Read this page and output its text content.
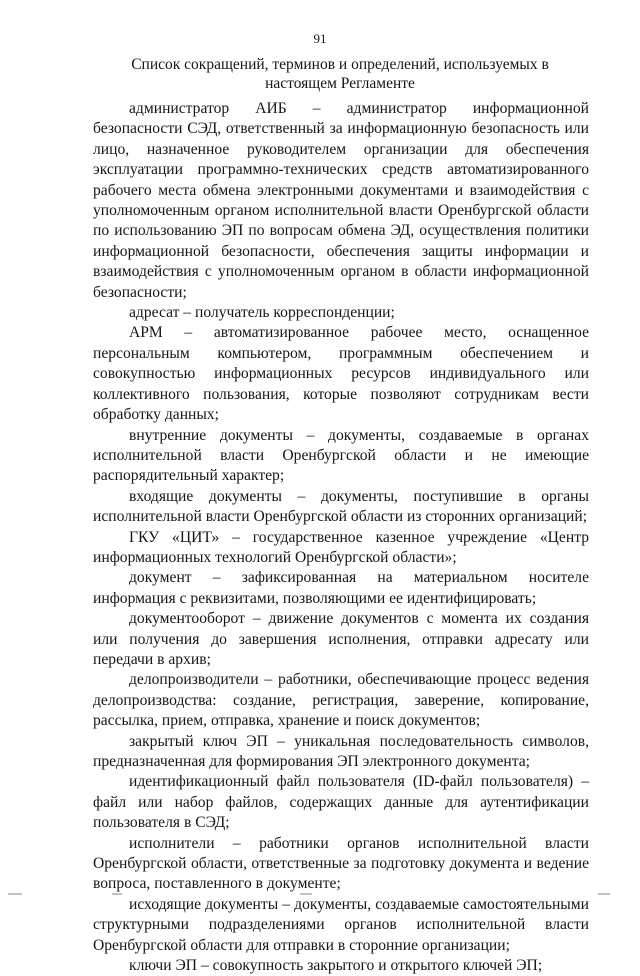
91
Список сокращений, терминов и определений, используемых в
настоящем Регламенте

администратор АИБ – администратор информационной безопасности СЭД, ответственный за информационную безопасность или лицо, назначенное руководителем организации для обеспечения эксплуатации программно-технических средств автоматизированного рабочего места обмена электронными документами и взаимодействия с уполномоченным органом исполнительной власти Оренбургской области по использованию ЭП по вопросам обмена ЭД, осуществления политики информационной безопасности, обеспечения защиты информации и взаимодействия с уполномоченным органом в области информационной безопасности;

адресат – получатель корреспонденции;

АРМ – автоматизированное рабочее место, оснащенное персональным компьютером, программным обеспечением и совокупностью информационных ресурсов индивидуального или коллективного пользования, которые позволяют сотрудникам вести обработку данных;

внутренние документы – документы, создаваемые в органах исполнительной власти Оренбургской области и не имеющие распорядительный характер;

входящие документы – документы, поступившие в органы исполнительной власти Оренбургской области из сторонних организаций;

ГКУ «ЦИТ» – государственное казенное учреждение «Центр информационных технологий Оренбургской области»;

документ – зафиксированная на материальном носителе информация с реквизитами, позволяющими ее идентифицировать;

документооборот – движение документов с момента их создания или получения до завершения исполнения, отправки адресату или передачи в архив;

делопроизводители – работники, обеспечивающие процесс ведения делопроизводства: создание, регистрация, заверение, копирование, рассылка, прием, отправка, хранение и поиск документов;

закрытый ключ ЭП – уникальная последовательность символов, предназначенная для формирования ЭП электронного документа;

идентификационный файл пользователя (ID-файл пользователя) – файл или набор файлов, содержащих данные для аутентификации пользователя в СЭД;

исполнители – работники органов исполнительной власти Оренбургской области, ответственные за подготовку документа и ведение вопроса, поставленного в документе;

исходящие документы – документы, создаваемые самостоятельными структурными подразделениями органов исполнительной власти Оренбургской области для отправки в сторонние организации;

ключи ЭП – совокупность закрытого и открытого ключей ЭП;
